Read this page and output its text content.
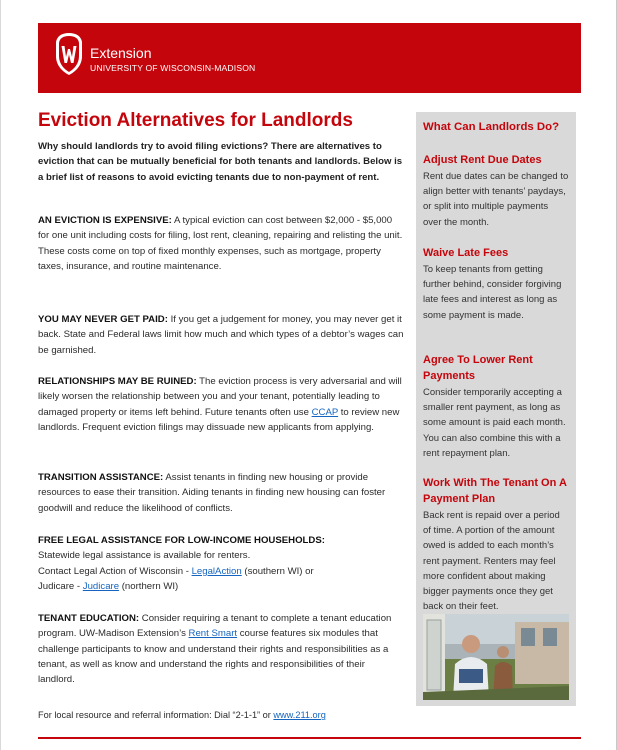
Extension
UNIVERSITY OF WISCONSIN-MADISON
Eviction Alternatives for Landlords
Why should landlords try to avoid filing evictions? There are alternatives to eviction that can be mutually beneficial for both tenants and landlords. Below is a brief list of reasons to avoid evicting tenants due to non-payment of rent.
AN EVICTION IS EXPENSIVE: A typical eviction can cost between $2,000 - $5,000 for one unit including costs for filing, lost rent, cleaning, repairing and relisting the unit. These costs come on top of fixed monthly expenses, such as mortgage, property taxes, insurance, and routine maintenance.
YOU MAY NEVER GET PAID: If you get a judgement for money, you may never get it back. State and Federal laws limit how much and which types of a debtor’s wages can be garnished.
RELATIONSHIPS MAY BE RUINED: The eviction process is very adversarial and will likely worsen the relationship between you and your tenant, potentially leading to damaged property or items left behind. Future tenants often use CCAP to review new landlords. Frequent eviction filings may dissuade new applicants from applying.
TRANSITION ASSISTANCE: Assist tenants in finding new housing or provide resources to ease their transition. Aiding tenants in finding new housing can foster goodwill and reduce the likelihood of conflicts.
FREE LEGAL ASSISTANCE FOR LOW-INCOME HOUSEHOLDS:
Statewide legal assistance is available for renters.
Contact Legal Action of Wisconsin - LegalAction (southern WI) or
Judicare - Judicare (northern WI)
TENANT EDUCATION: Consider requiring a tenant to complete a tenant education program. UW-Madison Extension’s Rent Smart course features six modules that challenge participants to know and understand their rights and responsibilities as a tenant, as well as know and understand the rights and responsibilities of their landlord.
For local resource and referral information: Dial “2-1-1” or www.211.org
What Can Landlords Do?
Adjust Rent Due Dates
Rent due dates can be changed to align better with tenants’ paydays, or split into multiple payments over the month.
Waive Late Fees
To keep tenants from getting further behind, consider forgiving late fees and interest as long as some payment is made.
Agree To Lower Rent Payments
Consider temporarily accepting a smaller rent payment, as long as some amount is paid each month. You can also combine this with a rent repayment plan.
Work With The Tenant On A Payment Plan
Back rent is repaid over a period of time. A portion of the amount owed is added to each month’s rent payment. Renters may feel more confident about making bigger payments once they get back on their feet.
